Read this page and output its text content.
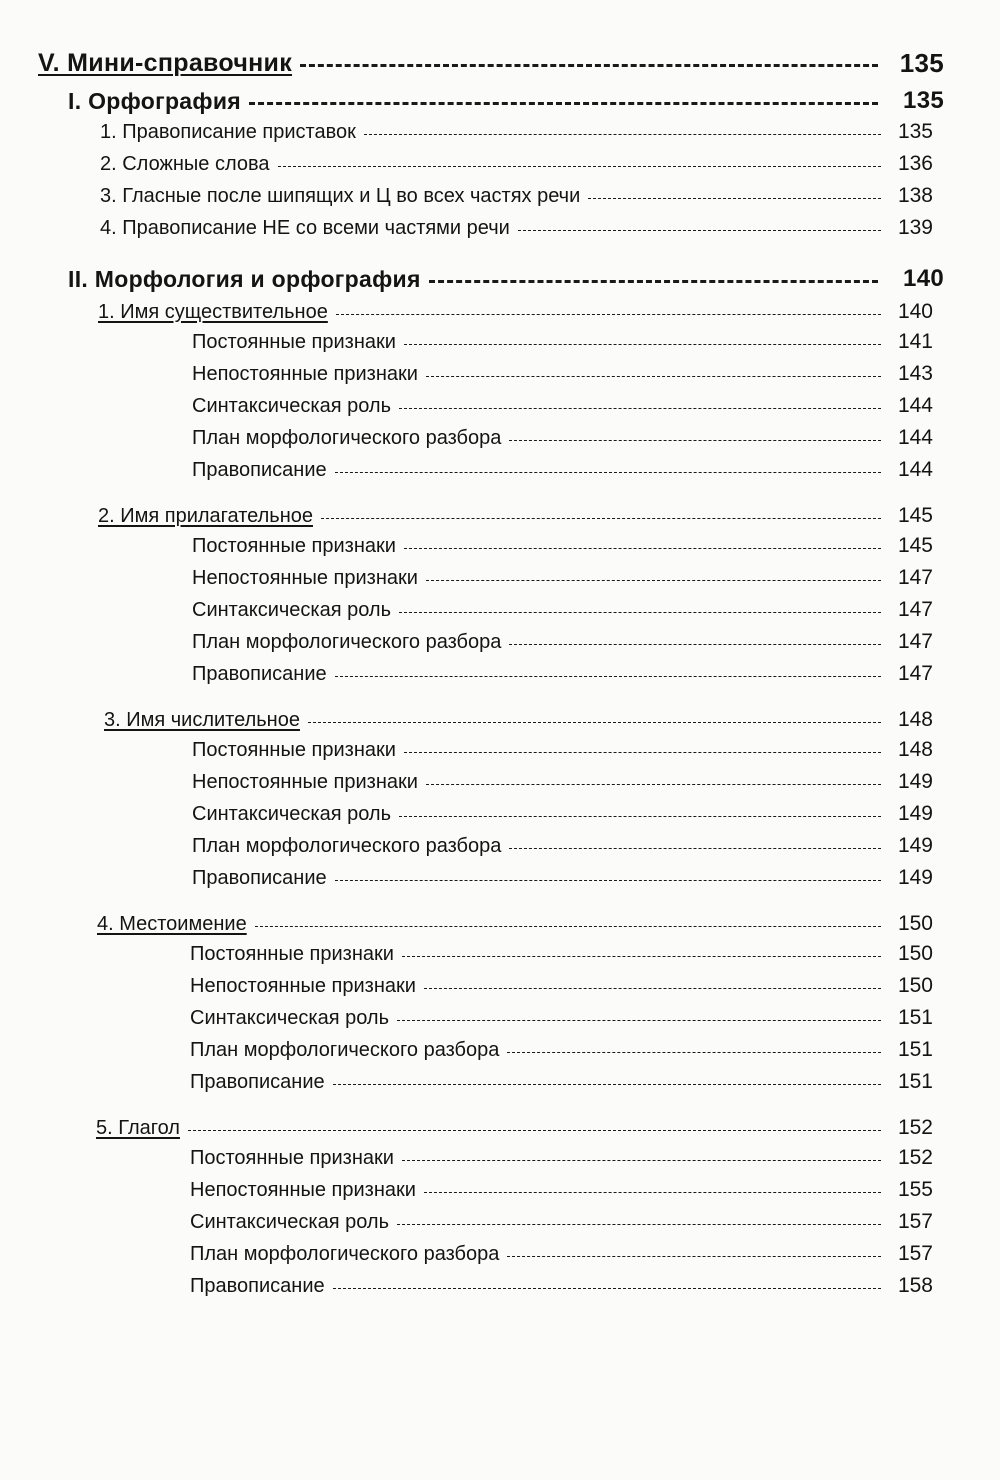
V. Мини-справочник	135
I. Орфография	135
1. Правописание приставок	135
2. Сложные слова	136
3. Гласные после шипящих и Ц во всех частях речи	138
4. Правописание НЕ со всеми частями речи	139
II. Морфология и орфография	140
1. Имя существительное	140
Постоянные признаки	141
Непостоянные признаки	143
Синтаксическая роль	144
План морфологического разбора	144
Правописание	144
2. Имя прилагательное	145
Постоянные признаки	145
Непостоянные признаки	147
Синтаксическая роль	147
План морфологического разбора	147
Правописание	147
3. Имя числительное	148
Постоянные признаки	148
Непостоянные признаки	149
Синтаксическая роль	149
План морфологического разбора	149
Правописание	149
4. Местоимение	150
Постоянные признаки	150
Непостоянные признаки	150
Синтаксическая роль	151
План морфологического разбора	151
Правописание	151
5. Глагол	152
Постоянные признаки	152
Непостоянные признаки	155
Синтаксическая роль	157
План морфологического разбора	157
Правописание	158
